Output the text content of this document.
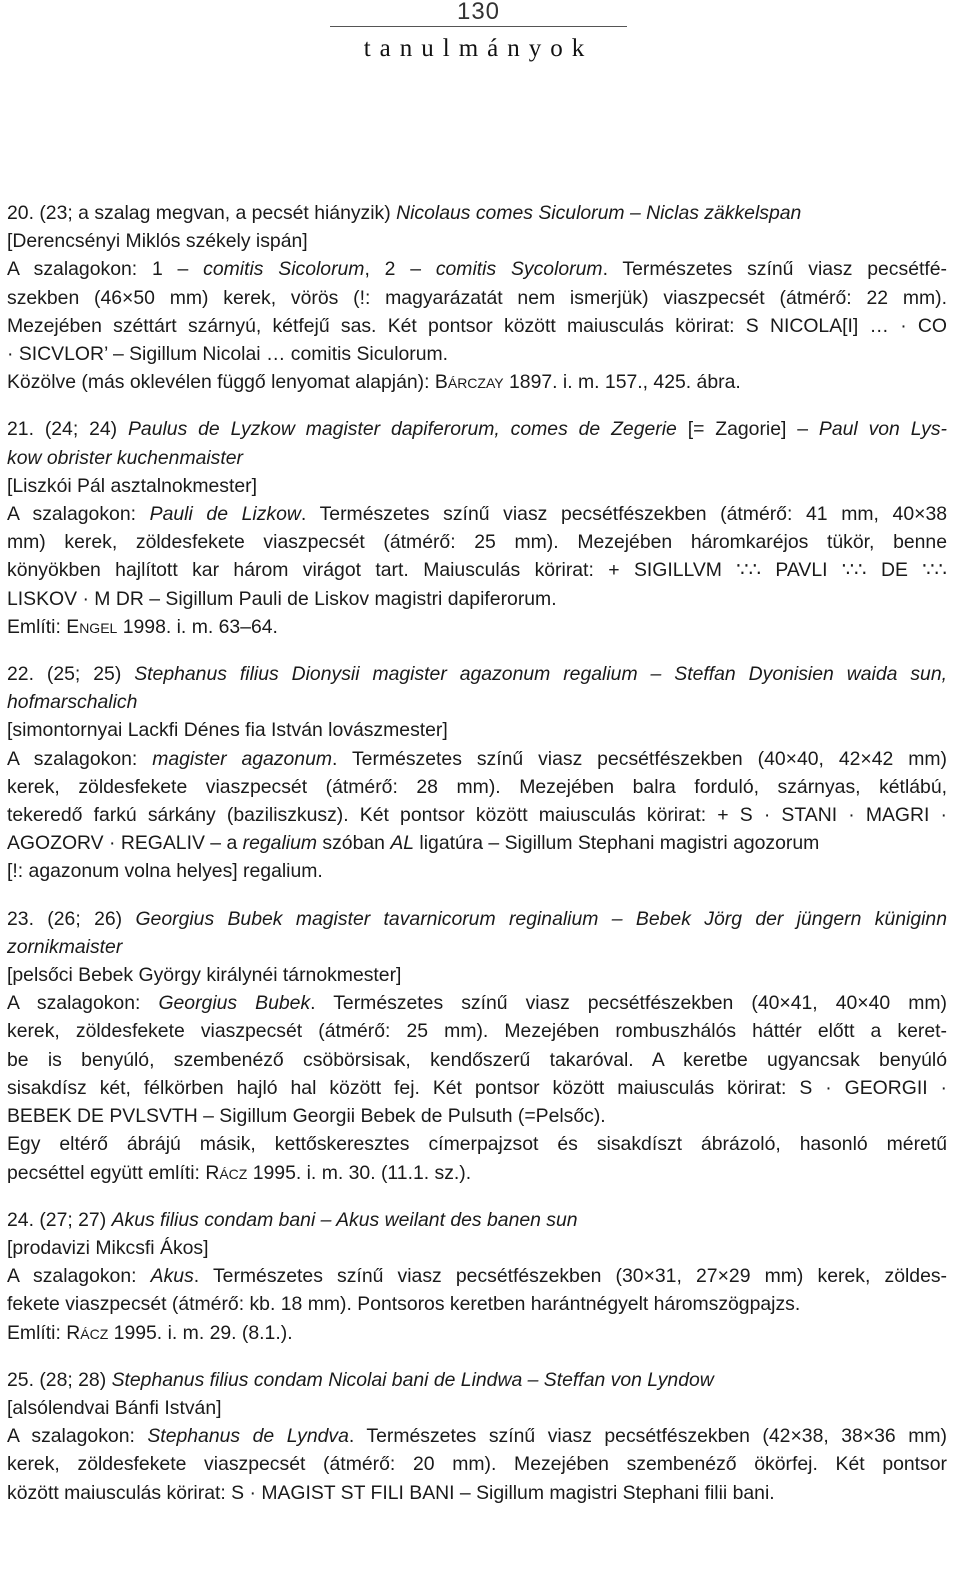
130
tanulmányok
20. (23; a szalag megvan, a pecsét hiányzik) Nicolaus comes Siculorum – Niclas zäkkelspan
[Derencsényi Miklós székely ispán]
A szalagokon: 1 – comitis Sicolorum, 2 – comitis Sycolorum. Természetes színű viasz pecsétfé-
szekben (46×50 mm) kerek, vörös (!: magyarázatát nem ismerjük) viaszpecsét (átmérő: 22 mm).
Mezejében széttárt szárnyú, kétfejű sas. Két pontsor között maiusculás körirat: S NICOLA[I] … · CO
· SICVLOR’ – Sigillum Nicolai … comitis Siculorum.
Közölve (más oklevélen függő lenyomat alapján): Bárczay 1897. i. m. 157., 425. ábra.
21. (24; 24) Paulus de Lyzkow magister dapiferorum, comes de Zegerie [= Zagorie] – Paul von Lys-
kow obrister kuchenmaister
[Liszkói Pál asztalnokmester]
A szalagokon: Pauli de Lizkow. Természetes színű viasz pecsétfészekben (átmérő: 41 mm, 40×38
mm) kerek, zöldesfekete viaszpecsét (átmérő: 25 mm). Mezejében háromkaréjos tükör, benne
könyökben hajlított kar három virágot tart. Maiusculás körirat: + SIGILLVM ∵∴ PAVLI ∵∴ DE ∵∴
LISKOV · M DR – Sigillum Pauli de Liskov magistri dapiferorum.
Említi: Engel 1998. i. m. 63–64.
22. (25; 25) Stephanus filius Dionysii magister agazonum regalium – Steffan Dyonisien waida sun,
hofmarschalich
[simontornyai Lackfi Dénes fia István lovászmester]
A szalagokon: magister agazonum. Természetes színű viasz pecsétfészekben (40×40, 42×42 mm)
kerek, zöldesfekete viaszpecsét (átmérő: 28 mm). Mezejében balra forduló, szárnyas, kétlábú,
tekeredő farkú sárkány (baziliszkusz). Két pontsor között maiusculás körirat: + S · STANI · MAGRI ·
AGOZORV · REGALIV – a regalium szóban AL ligatúra – Sigillum Stephani magistri agozorum
[!: agazonum volna helyes] regalium.
23. (26; 26) Georgius Bubek magister tavarnicorum reginalium – Bebek Jörg der jüngern küniginn
zornikmaister
[pelsőci Bebek György királynéi tárnokmester]
A szalagokon: Georgius Bubek. Természetes színű viasz pecsétfészekben (40×41, 40×40 mm)
kerek, zöldesfekete viaszpecsét (átmérő: 25 mm). Mezejében rombuszhálós háttér előtt a keret-
be is benyúló, szembenéző csöbörsisak, kendőszerű takaróval. A keretbe ugyancsak benyúló
sisakdísz két, félkörben hajló hal között fej. Két pontsor között maiusculás körirat: S · GEORGII ·
BEBEK DE PVLSVTH – Sigillum Georgii Bebek de Pulsuth (=Pelsőc).
Egy eltérő ábrájú másik, kettőskeresztes címerpajzsot és sisakdíszt ábrázoló, hasonló méretű
pecséttel együtt említi: Rácz 1995. i. m. 30. (11.1. sz.).
24. (27; 27) Akus filius condam bani – Akus weilant des banen sun
[prodavizi Mikcsfi Ákos]
A szalagokon: Akus. Természetes színű viasz pecsétfészekben (30×31, 27×29 mm) kerek, zöldes-
fekete viaszpecsét (átmérő: kb. 18 mm). Pontsoros keretben harántnégyelt háromszögpajzs.
Említi: Rácz 1995. i. m. 29. (8.1.).
25. (28; 28) Stephanus filius condam Nicolai bani de Lindwa – Steffan von Lyndow
[alsólendvai Bánfi István]
A szalagokon: Stephanus de Lyndva. Természetes színű viasz pecsétfészekben (42×38, 38×36 mm)
kerek, zöldesfekete viaszpecsét (átmérő: 20 mm). Mezejében szembenéző ökörfej. Két pontsor
között maiusculás körirat: S · MAGIST ST FILI BANI – Sigillum magistri Stephani filii bani.
